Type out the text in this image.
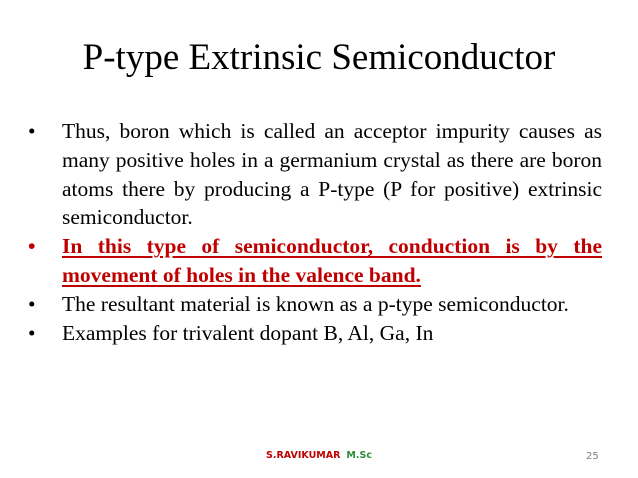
P-type Extrinsic Semiconductor
•	Thus, boron which is called an acceptor impurity causes as many positive holes in a germanium crystal as there are boron atoms there by producing a P-type (P for positive) extrinsic semiconductor.
•	In this type of semiconductor, conduction is by the movement of holes in the valence band.
•	The resultant material is known as a p-type semiconductor.
•	Examples for trivalent dopant B, Al, Ga, In
S.RAVIKUMAR M.Sc	25
